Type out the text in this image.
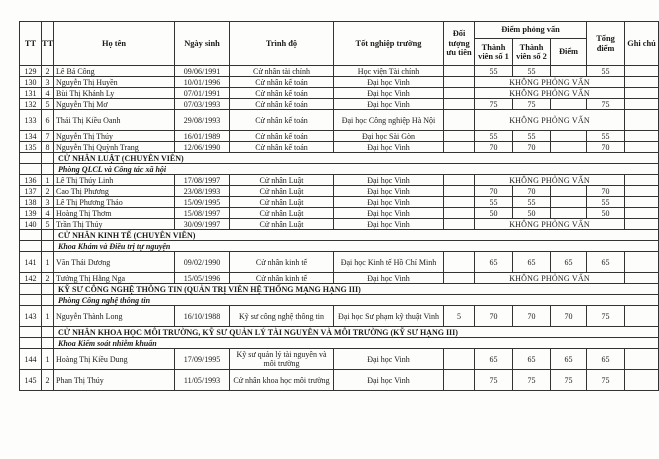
TT	TT	Họ tên	Ngày sinh	Trình độ	Tốt nghiệp trường	Đối tượng ưu tiên	Điểm phỏng vấn			Tổng điểm	Ghi chú
							Thành viên số 1	Thành viên số 2	Điểm		
129	2	Lê Bá Công	09/06/1991	Cử nhân tài chính	Học viện Tài chính		55	55		55	
130	3	Nguyễn Thị Huyền	10/01/1996	Cử nhân kế toán	Đại học Vinh		KHÔNG PHỎNG VẤN				
131	4	Bùi Thị Khánh Ly	07/01/1991	Cử nhân kế toán	Đại học Vinh		KHÔNG PHỎNG VẤN				
132	5	Nguyễn Thị Mơ	07/03/1993	Cử nhân kế toán	Đại học Vinh		75	75		75	
133	6	Thái Thị Kiều Oanh	29/08/1993	Cử nhân kế toán	Đại học Công nghiệp Hà Nội		KHÔNG PHỎNG VẤN				
134	7	Nguyễn Thị Thúy	16/01/1989	Cử nhân kế toán	Đại học Sài Gòn		55	55		55	
135	8	Nguyễn Thị Quỳnh Trang	12/06/1990	Cử nhân kế toán	Đại học Vinh		70	70		70	
		CỬ NHÂN LUẬT (CHUYÊN VIÊN)									
		Phòng QLCL và Công tác xã hội									
136	1	Lê Thị Thúy Linh	17/08/1997	Cử nhân Luật	Đại học Vinh		KHÔNG PHỎNG VẤN				
137	2	Cao Thị Phương	23/08/1993	Cử nhân Luật	Đại học Vinh		70	70		70	
138	3	Lê Thị Phương Thảo	15/09/1995	Cử nhân Luật	Đại học Vinh		55	55		55	
139	4	Hoàng Thị Thơm	15/08/1997	Cử nhân Luật	Đại học Vinh		50	50		50	
140	5	Trần Thị Thúy	30/09/1997	Cử nhân Luật	Đại học Vinh		KHÔNG PHỎNG VẤN				
		CỬ NHÂN KINH TẾ (CHUYÊN VIÊN)									
		Khoa Khám và Điều trị tự nguyện									
141	1	Văn Thái Dương	09/02/1990	Cử nhân kinh tế	Đại học Kinh tế Hồ Chí Minh		65	65	65	65	
142	2	Tưởng Thị Hằng Nga	15/05/1996	Cử nhân kinh tế	Đại học Vinh		KHÔNG PHỎNG VẤN				
		KỸ SƯ CÔNG NGHỆ THÔNG TIN (QUẢN TRỊ VIÊN HỆ THỐNG MẠNG HẠNG III)									
		Phòng Công nghệ thông tin									
143	1	Nguyễn Thành Long	16/10/1988	Kỹ sư công nghệ thông tin	Đại học Sư phạm kỹ thuật Vinh	5	70	70	70	75	
		CỬ NHÂN KHOA HỌC MÔI TRƯỜNG, KỸ SƯ QUẢN LÝ TÀI NGUYÊN VÀ MÔI TRƯỜNG (KỸ SƯ HẠNG III)									
		Khoa Kiểm soát nhiễm khuẩn									
144	1	Hoàng Thị Kiều Dung	17/09/1995	Kỹ sư quản lý tài nguyên và môi trường	Đại học Vinh		65	65	65	65	
145	2	Phan Thị Thúy	11/05/1993	Cử nhân khoa học môi trường	Đại học Vinh		75	75	75	75	
